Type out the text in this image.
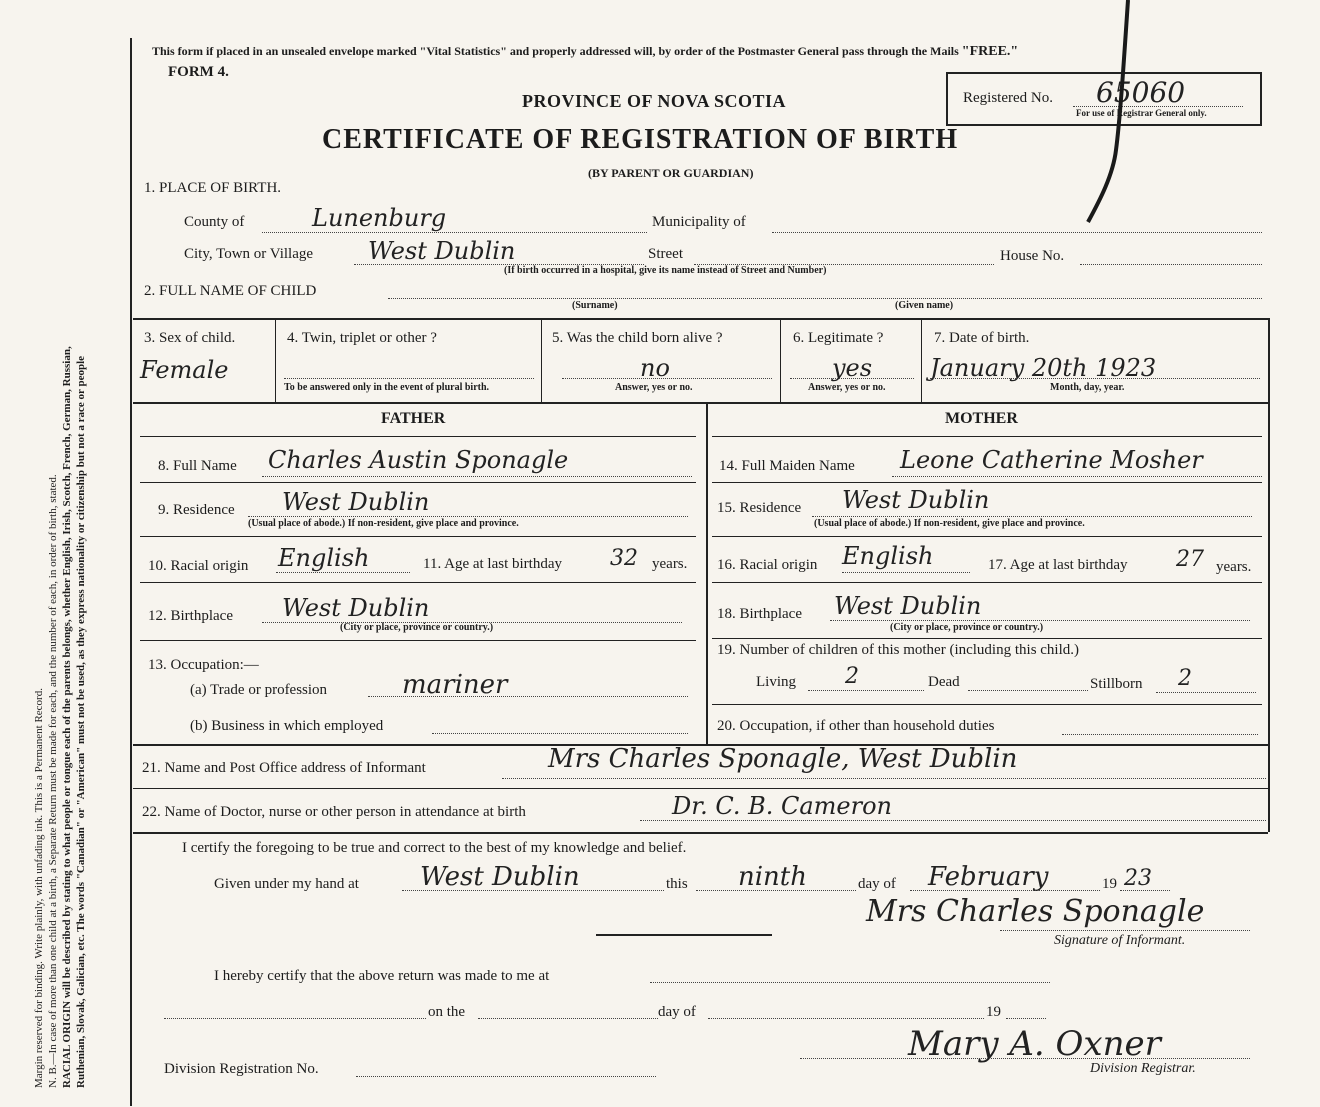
Margin reserved for binding. Write plainly, with unfading ink. This is a Permanent Record. N. B.—In case of more than one child at a birth, a Separate Return must be made for each, and the number of each, in order of birth, stated. RACIAL ORIGIN will be described by stating to what people or tongue each of the parents belongs, whether English, Irish, Scotch, French, German, Russian, Ruthenian, Slovak, Galician, etc. The words "Canadian" or "American" must not be used, as they express nationality or citizenship but not a race or people
This form if placed in an unsealed envelope marked "Vital Statistics" and properly addressed will, by order of the Postmaster General pass through the Mails "FREE."
FORM 4.
PROVINCE OF NOVA SCOTIA
CERTIFICATE OF REGISTRATION OF BIRTH
(BY PARENT OR GUARDIAN)
Registered No. 65060
For use of Registrar General only.
1. PLACE OF BIRTH.
County of	Lunenburg	Municipality of
City, Town or Village West Dublin	Street	House No.
(If birth occurred in a hospital, give its name instead of Street and Number)
2. FULL NAME OF CHILD
(Surname)	(Given name)
3. Sex of child.
Female
4. Twin, triplet or other ?
To be answered only in the event of plural birth.
5. Was the child born alive ?
no
Answer, yes or no.
6. Legitimate ?
yes
Answer, yes or no.
7. Date of birth.
January 20th 1923
Month, day, year.
FATHER
8. Full Name Charles Austin Sponagle
9. Residence West Dublin
(Usual place of abode.) If non-resident, give place and province.
10. Racial origin English	11. Age at last birthday 32 years.
12. Birthplace West Dublin
(City or place, province or country.)
13. Occupation:—
(a) Trade or profession	mariner
(b) Business in which employed
MOTHER
14. Full Maiden Name Leone Catherine Mosher
15. Residence West Dublin
(Usual place of abode.) If non-resident, give place and province.
16. Racial origin English	17. Age at last birthday 27 years.
18. Birthplace West Dublin
(City or place, province or country.)
19. Number of children of this mother (including this child.)
Living 2	Dead	Stillborn 2
20. Occupation, if other than household duties
21. Name and Post Office address of Informant	Mrs Charles Sponagle, West Dublin
22. Name of Doctor, nurse or other person in attendance at birth	Dr. C. B. Cameron
I certify the foregoing to be true and correct to the best of my knowledge and belief.
Given under my hand at West Dublin	this ninth	day of February	19 23
Mrs Charles Sponagle
Signature of Informant.
I hereby certify that the above return was made to me at
on the	day of	19
Division Registration No.
Mary A. Oxner
Division Registrar.
